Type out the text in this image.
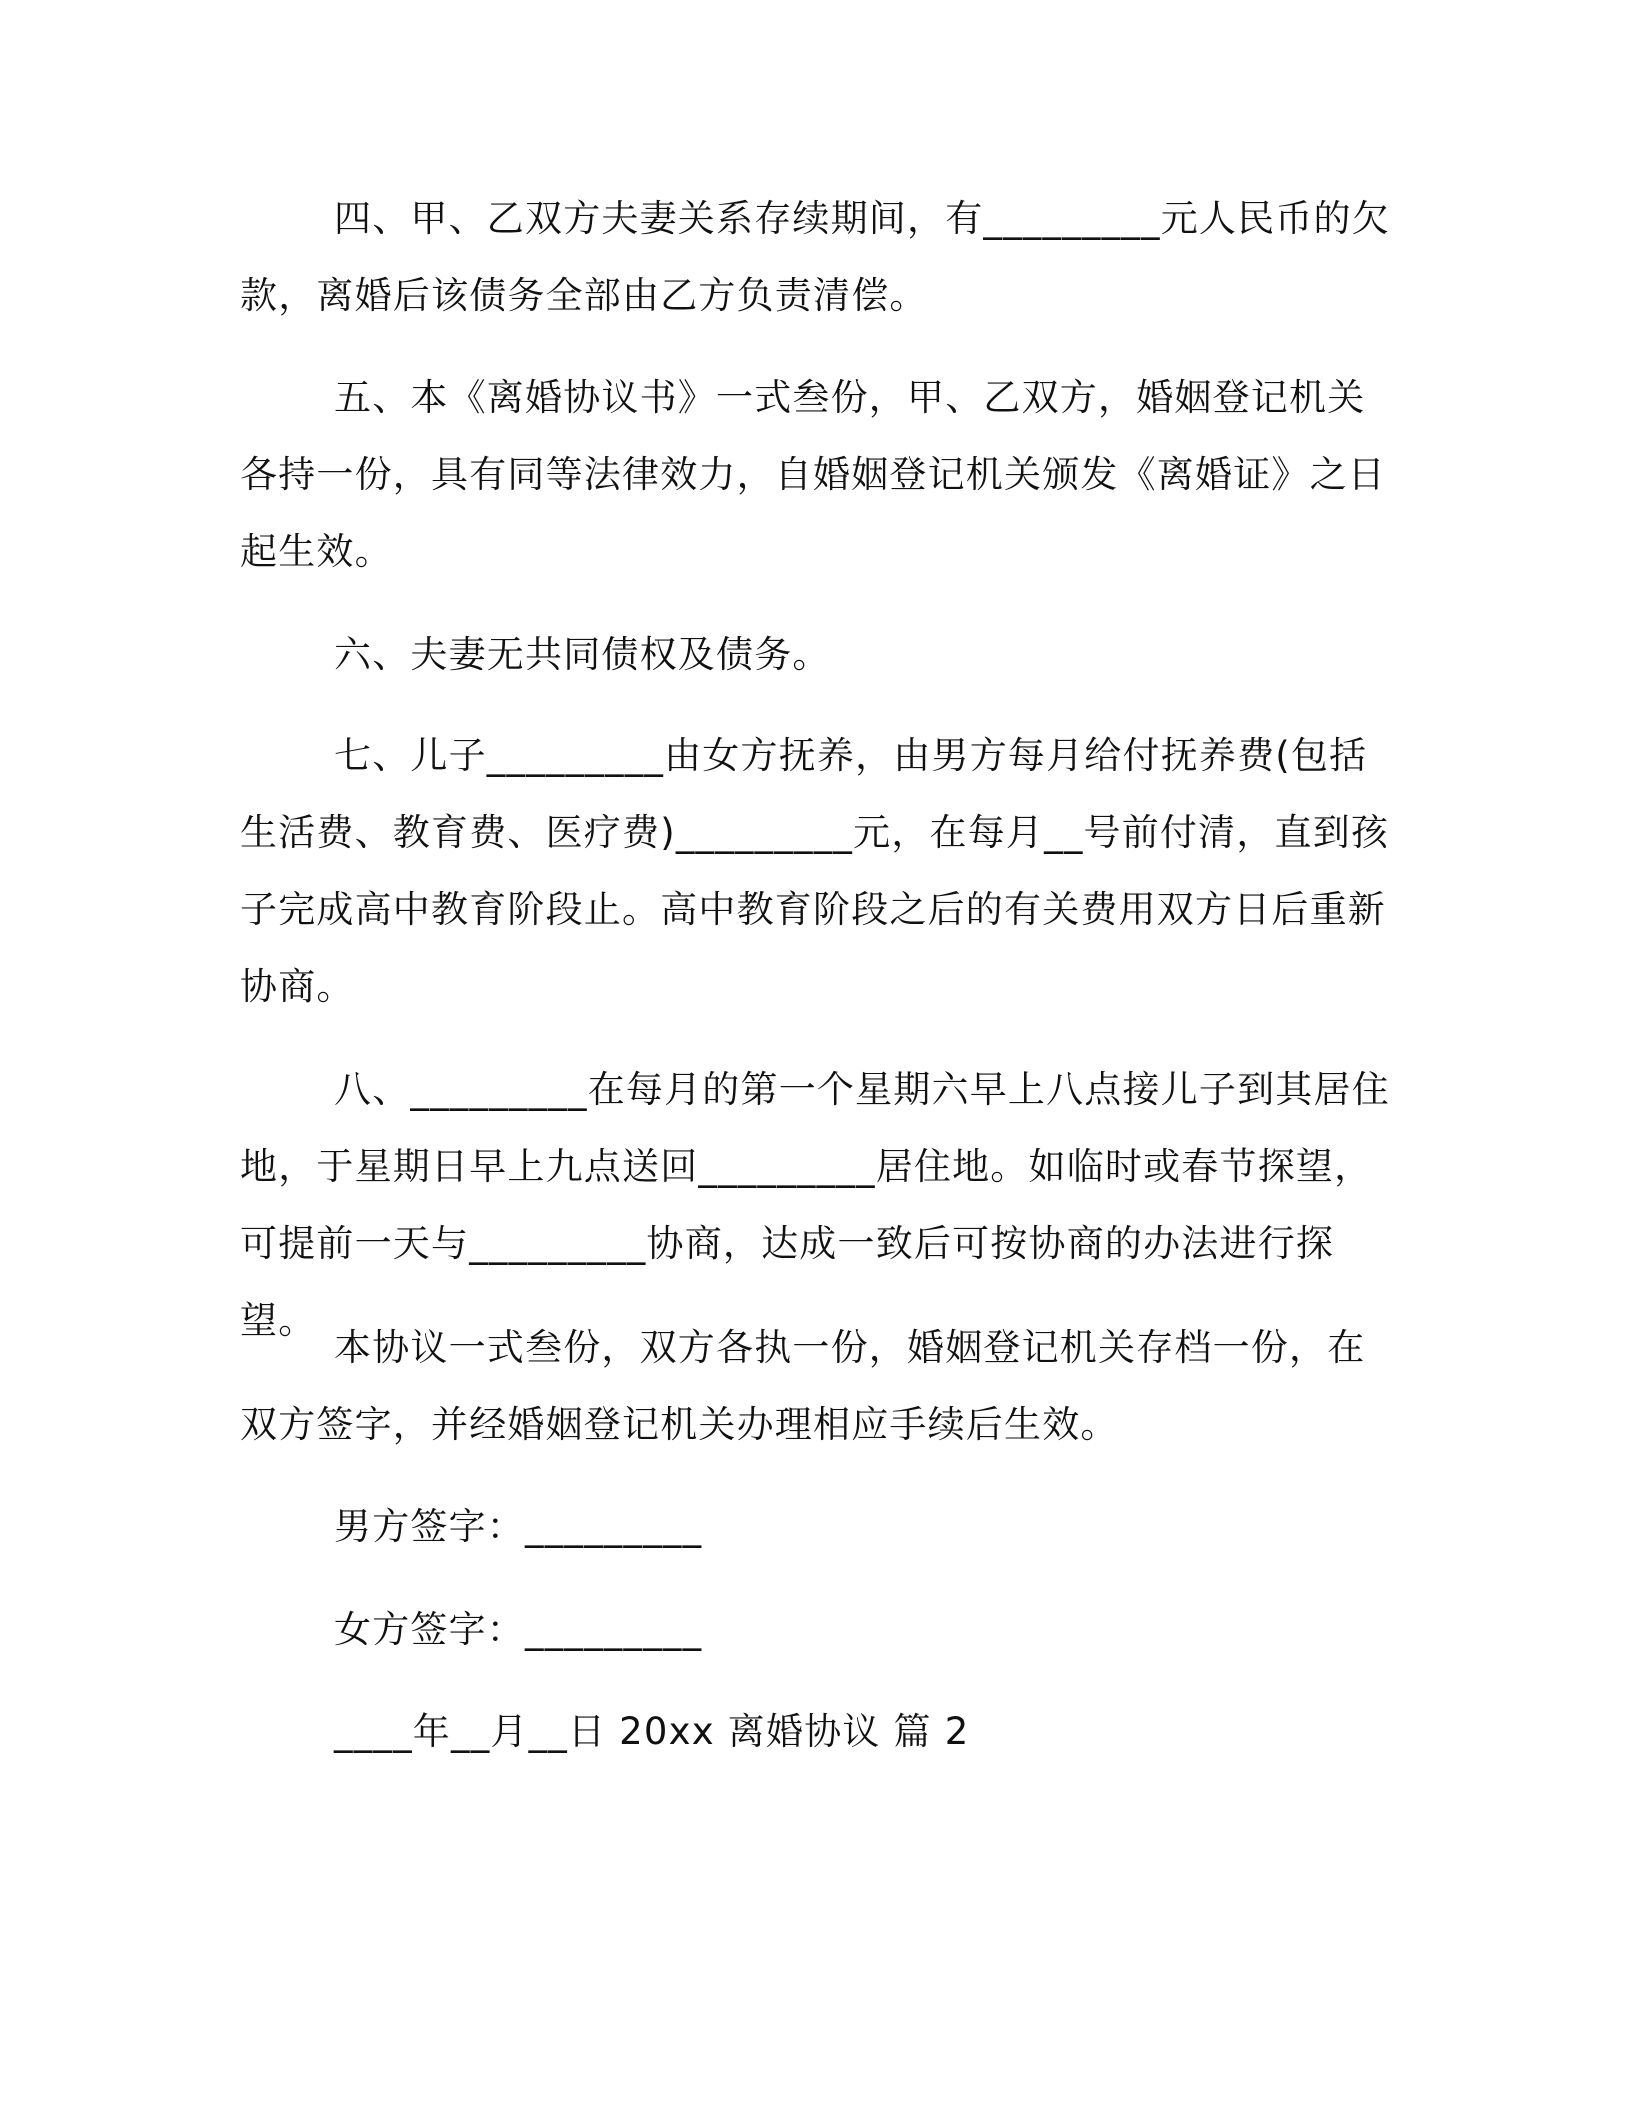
四、甲、乙双方夫妻关系存续期间，有_________元人民币的欠款，离婚后该债务全部由乙方负责清偿。

五、本《离婚协议书》一式叁份，甲、乙双方，婚姻登记机关各持一份，具有同等法律效力，自婚姻登记机关颁发《离婚证》之日起生效。

六、夫妻无共同债权及债务。

七、儿子_________由女方抚养，由男方每月给付抚养费(包括生活费、教育费、医疗费)_________元，在每月__号前付清，直到孩子完成高中教育阶段止。高中教育阶段之后的有关费用双方日后重新协商。

八、_________在每月的第一个星期六早上八点接儿子到其居住地，于星期日早上九点送回_________居住地。如临时或春节探望，可提前一天与_________协商，达成一致后可按协商的办法进行探望。

本协议一式叁份，双方各执一份，婚姻登记机关存档一份，在双方签字，并经婚姻登记机关办理相应手续后生效。

男方签字：_________

女方签字：_________

____年__月__日 20xx 离婚协议 篇 2
